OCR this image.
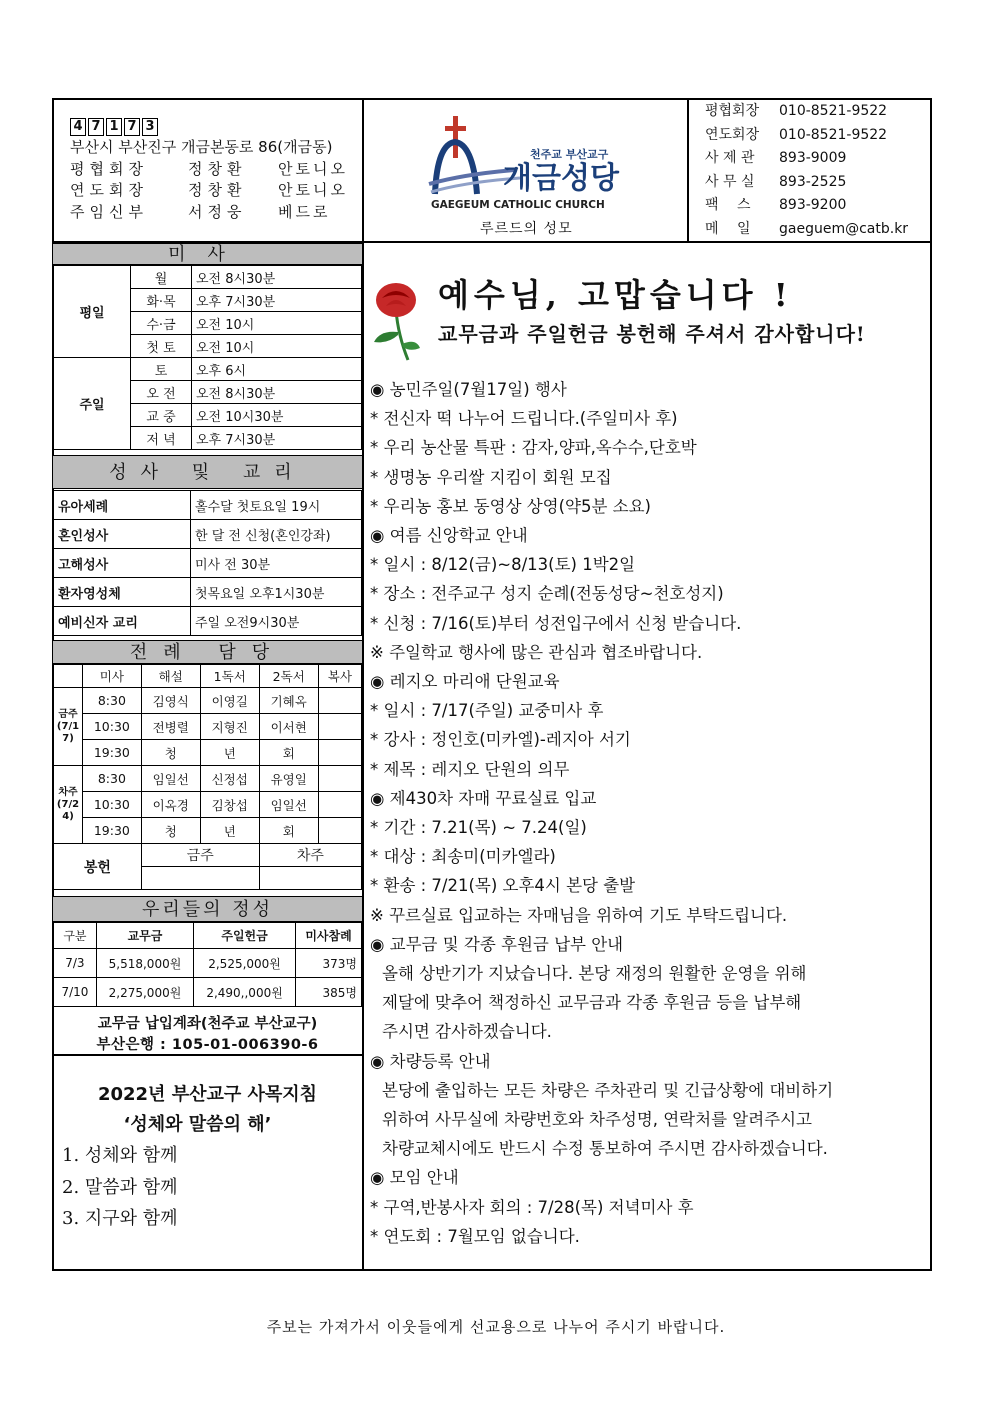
4 7 1 7 3
부산시 부산진구 개금본동로 86(개금동)
평협회장	정창환	안토니오
연도회장	정창환	안토니오
주임신부	서정웅	베드로
천주교 부산교구
개금성당
GAEGEUM CATHOLIC CHURCH
루르드의 성모
평협회장	010-8521-9522
연도회장	010-8521-9522
사 제 관	893-9009
사 무 실	893-2525
팩　 스	893-9200
메　 일	gaeguem@catb.kr
미사
평일	월	오전 8시30분
	화·목	오후 7시30분
	수·금	오전 10시
	첫 토	오전 10시
주일	토	오후 6시
	오 전	오전 8시30분
	교 중	오전 10시30분
	저 녁	오후 7시30분
성사 및 교리
유아세례	홀수달 첫토요일 19시
혼인성사	한 달 전 신청(혼인강좌)
고해성사	미사 전 30분
환자영성체	첫목요일 오후1시30분
예비신자 교리	주일 오전9시30분
전례 담당
	미사	해설	1독서	2독서	복사
금주(7/17)	8:30	김영식	이영길	기혜옥	
	10:30	전병렬	지형진	이서현	
	19:30	청	년	회	
차주(7/24)	8:30	임일선	신정섭	유영일	
	10:30	이옥경	김창섭	임일선	
	19:30	청	년	회	
봉헌		금주		차주	

우리들의 정성
구분	교무금	주일헌금	미사참례
7/3	5,518,000원	2,525,000원	373명
7/10	2,275,000원	2,490,,000원	385명
교무금 납입계좌(천주교 부산교구)
부산은행 : 105-01-006390-6
2022년 부산교구 사목지침
‘성체와 말씀의 해’
1. 성체와 함께
2. 말씀과 함께
3. 지구와 함께
예수님, 고맙습니다 !
교무금과 주일헌금 봉헌해 주셔서 감사합니다!
◉ 농민주일(7월17일) 행사
* 전신자 떡 나누어 드립니다.(주일미사 후)
* 우리 농산물 특판 : 감자,양파,옥수수,단호박
* 생명농 우리쌀 지킴이 회원 모집
* 우리농 홍보 동영상 상영(약5분 소요)
◉ 여름 신앙학교 안내
* 일시 : 8/12(금)~8/13(토) 1박2일
* 장소 : 전주교구 성지 순례(전동성당~천호성지)
* 신청 : 7/16(토)부터 성전입구에서 신청 받습니다.
※ 주일학교 행사에 많은 관심과 협조바랍니다.
◉ 레지오 마리애 단원교육
* 일시 : 7/17(주일) 교중미사 후
* 강사 : 정인호(미카엘)-레지아 서기
* 제목 : 레지오 단원의 의무
◉ 제430차 자매 꾸료실료 입교
* 기간 : 7.21(목) ~ 7.24(일)
* 대상 : 최송미(미카엘라)
* 환송 : 7/21(목) 오후4시 본당 출발
※ 꾸르실료 입교하는 자매님을 위하여 기도 부탁드립니다.
◉ 교무금 및 각종 후원금 납부 안내
올해 상반기가 지났습니다. 본당 재정의 원활한 운영을 위해
제달에 맞추어 책정하신 교무금과 각종 후원금 등을 납부해
주시면 감사하겠습니다.
◉ 차량등록 안내
본당에 출입하는 모든 차량은 주차관리 및 긴급상황에 대비하기
위하여 사무실에 차량번호와 차주성명, 연락처를 알려주시고
차량교체시에도 반드시 수정 통보하여 주시면 감사하겠습니다.
◉ 모임 안내
* 구역,반봉사자 회의 : 7/28(목) 저녁미사 후
* 연도회 : 7월모임 없습니다.
주보는 가져가서 이웃들에게 선교용으로 나누어 주시기 바랍니다.
